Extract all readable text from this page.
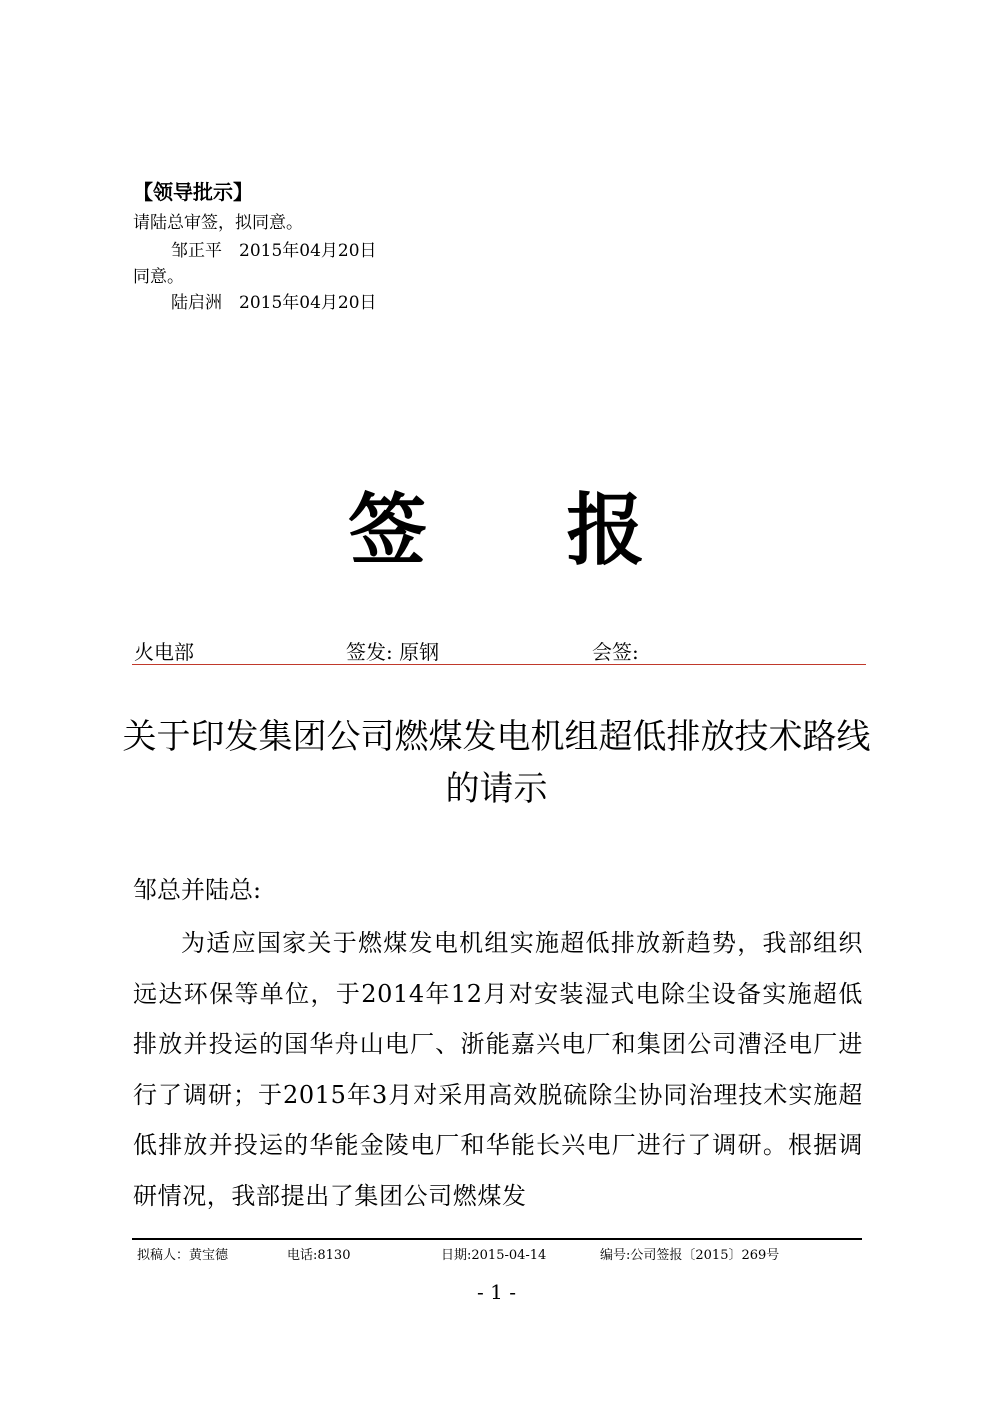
【领导批示】
请陆总审签，拟同意。
邹正平　2015年04月20日
同意。
陆启洲　2015年04月20日
签 报
火电部	签发: 原钢	会签:
关于印发集团公司燃煤发电机组超低排放技术路线的请示
邹总并陆总:
为适应国家关于燃煤发电机组实施超低排放新趋势，我部组织远达环保等单位，于2014年12月对安装湿式电除尘设备实施超低排放并投运的国华舟山电厂、浙能嘉兴电厂和集团公司漕泾电厂进行了调研；于2015年3月对采用高效脱硫除尘协同治理技术实施超低排放并投运的华能金陵电厂和华能长兴电厂进行了调研。根据调研情况，我部提出了集团公司燃煤发
拟稿人：黄宝德	电话:8130	日期:2015-04-14	编号:公司签报〔2015〕269号
- 1 -
